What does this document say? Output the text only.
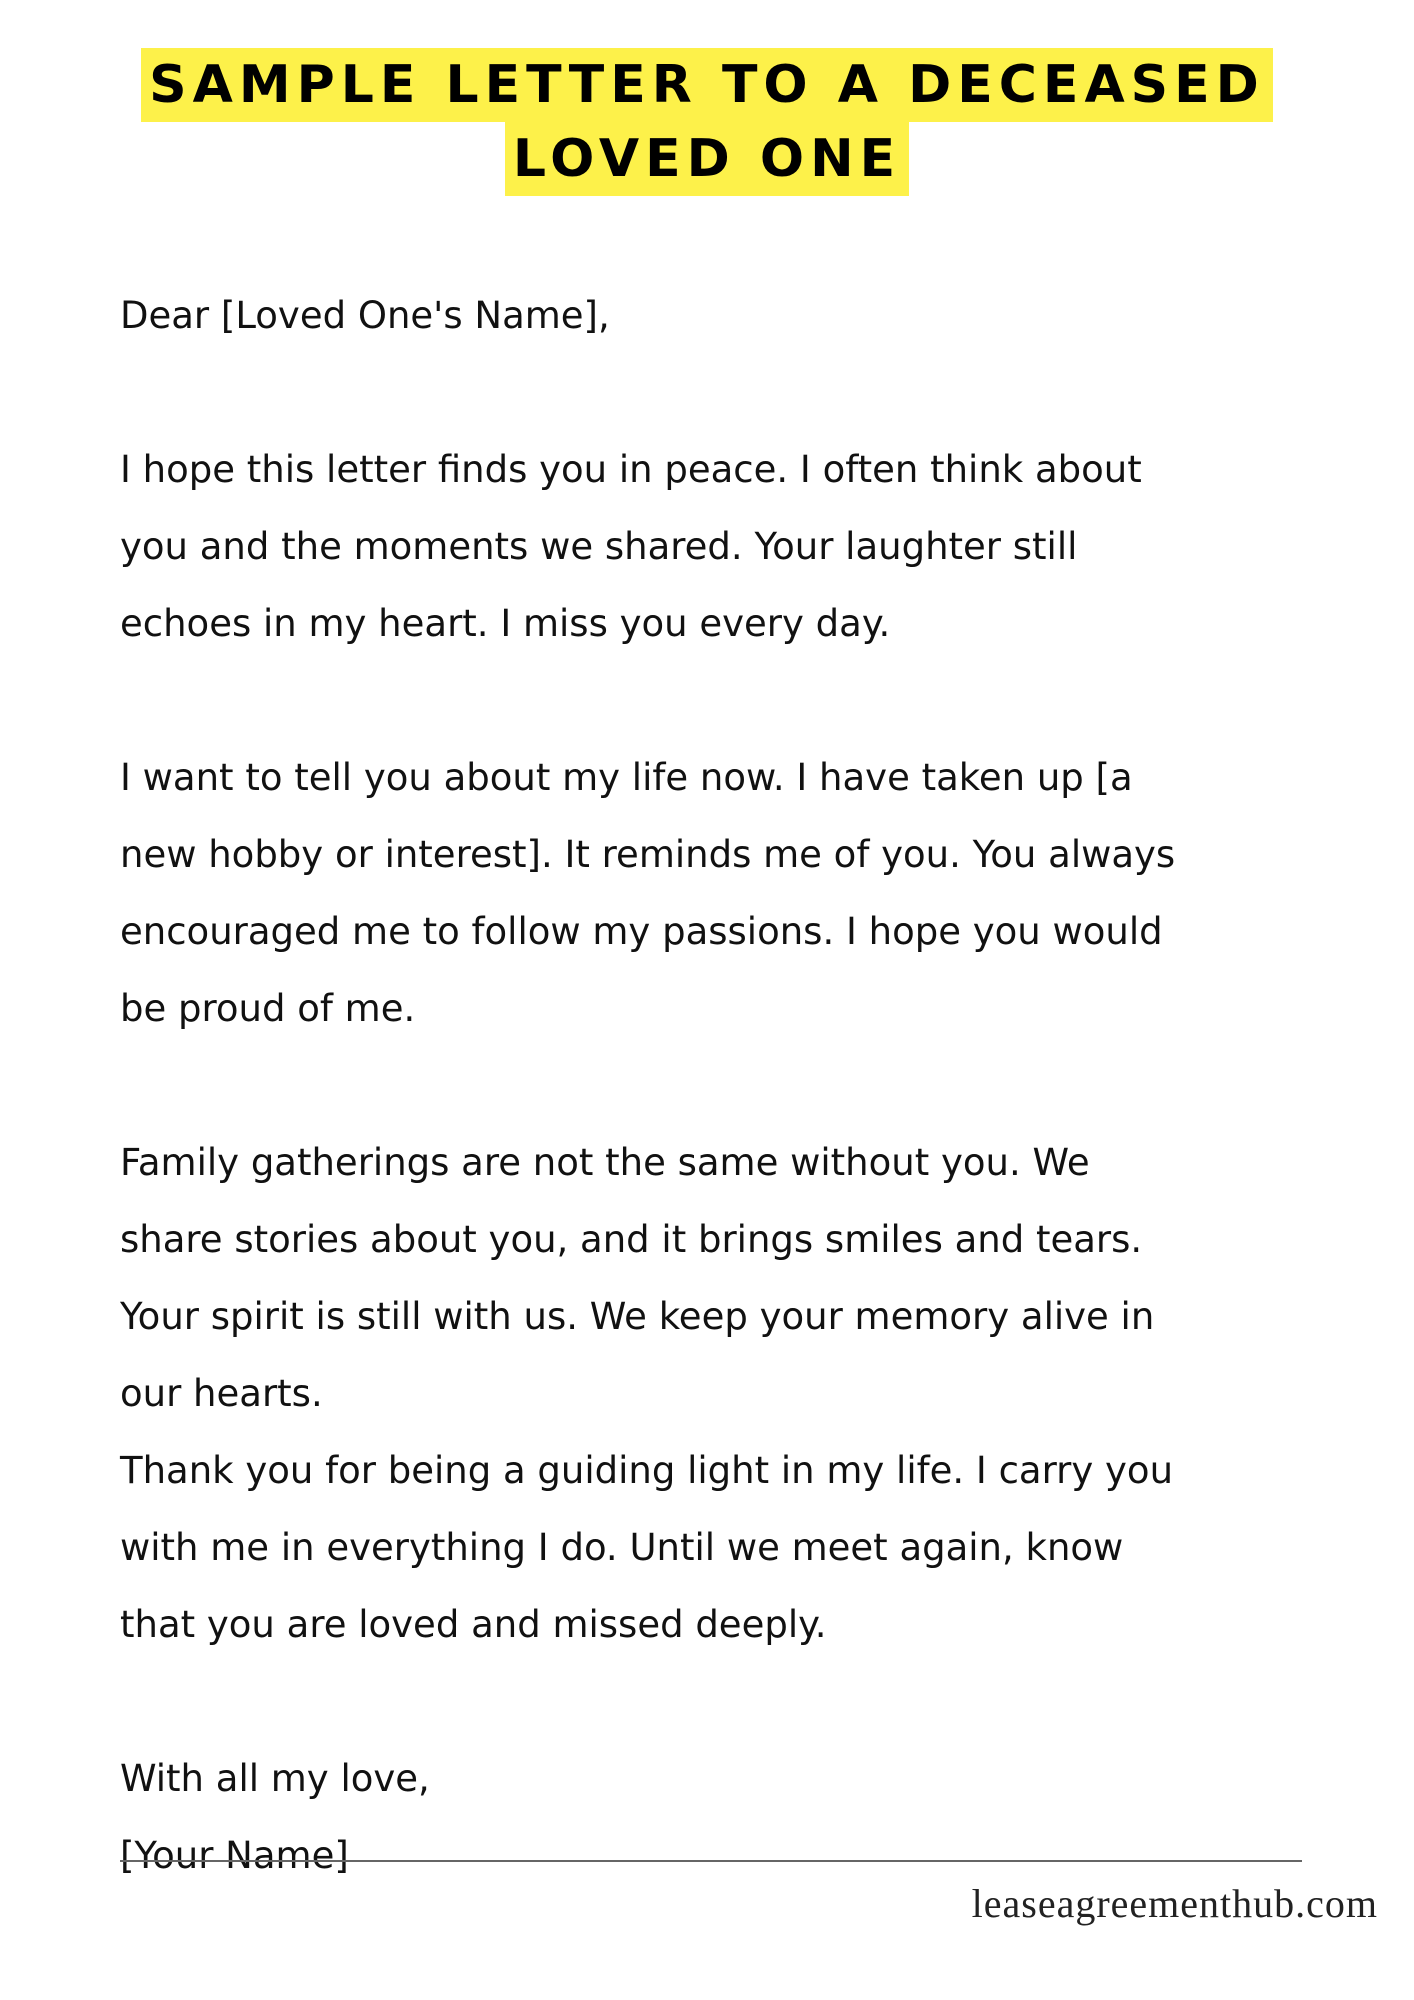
SAMPLE LETTER TO A DECEASED
LOVED ONE

Dear [Loved One's Name],

I hope this letter finds you in peace. I often think about

you and the moments we shared. Your laughter still

echoes in my heart. I miss you every day.

I want to tell you about my life now. I have taken up [a

new hobby or interest]. It reminds me of you. You always

encouraged me to follow my passions. I hope you would

be proud of me.

Family gatherings are not the same without you. We

share stories about you, and it brings smiles and tears.

Your spirit is still with us. We keep your memory alive in

our hearts.

Thank you for being a guiding light in my life. I carry you

with me in everything I do. Until we meet again, know

that you are loved and missed deeply.

With all my love,

[Your Name]

leaseagreementhub.com
